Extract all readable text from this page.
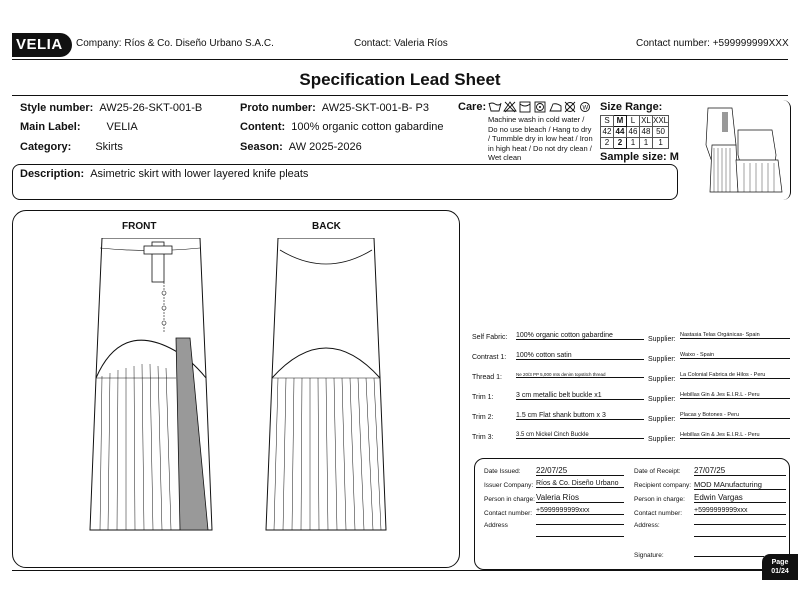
VELIA	Company: Ríos & Co. Diseño Urbano S.A.C.	Contact: Valeria Ríos	Contact number: +599999999XXX
Specification Lead Sheet
Style number: AW25-26-SKT-001-B
Main Label: VELIA
Category: Skirts
Proto number: AW25-SKT-001-B- P3
Content: 100% organic cotton gabardine
Season: AW 2025-2026
Care:	W
Machine wash in cold water / Do no use bleach / Hang to dry / Tummble dry in low heat / Iron in high heat / Do not dry clean / Wet clean
Size Range:
S	M	L	XL	XXL
42	44	46	48	50
2	2	1	1	1
Sample size: M
Description: Asimetric skirt with lower layered knife pleats
FRONT	BACK
Self Fabric: 100% organic cotton gabardine
Supplier:
Nastasia Telas Orgánicas- Spain
Contrast 1: 100% cotton satin
Supplier:
Waixo - Spain
Thread 1:	Ne 20/3 PP 5,000 mts denim topstitch thread
Supplier:
La Colonial Fabrica de Hilos - Peru
Trim 1:	3 cm metallic belt buckle x1
Supplier:
Hebillas Gin & Jes E.I.R.L - Peru
Trim 2:	1.5 cm Flat shank buttom x 3
Supplier:
Placas y Botones - Peru
Trim 3:	3.5 cm Nickel Cinch Buckle
Supplier:
Hebillas Gin & Jes E.I.R.L - Peru
Date Issued: 22/07/25
Issuer Company: Ríos & Co. Diseño Urbano
Person in charge: Valeria Ríos
Contact number: +5999999999xxx
Address
Date of Receipt: 27/07/25
Recipient company: MOD MAnufacturing
Person in charge: Edwin Vargas
Contact number: +5999999999xxx
Address:
Signature:
Page
01/24
